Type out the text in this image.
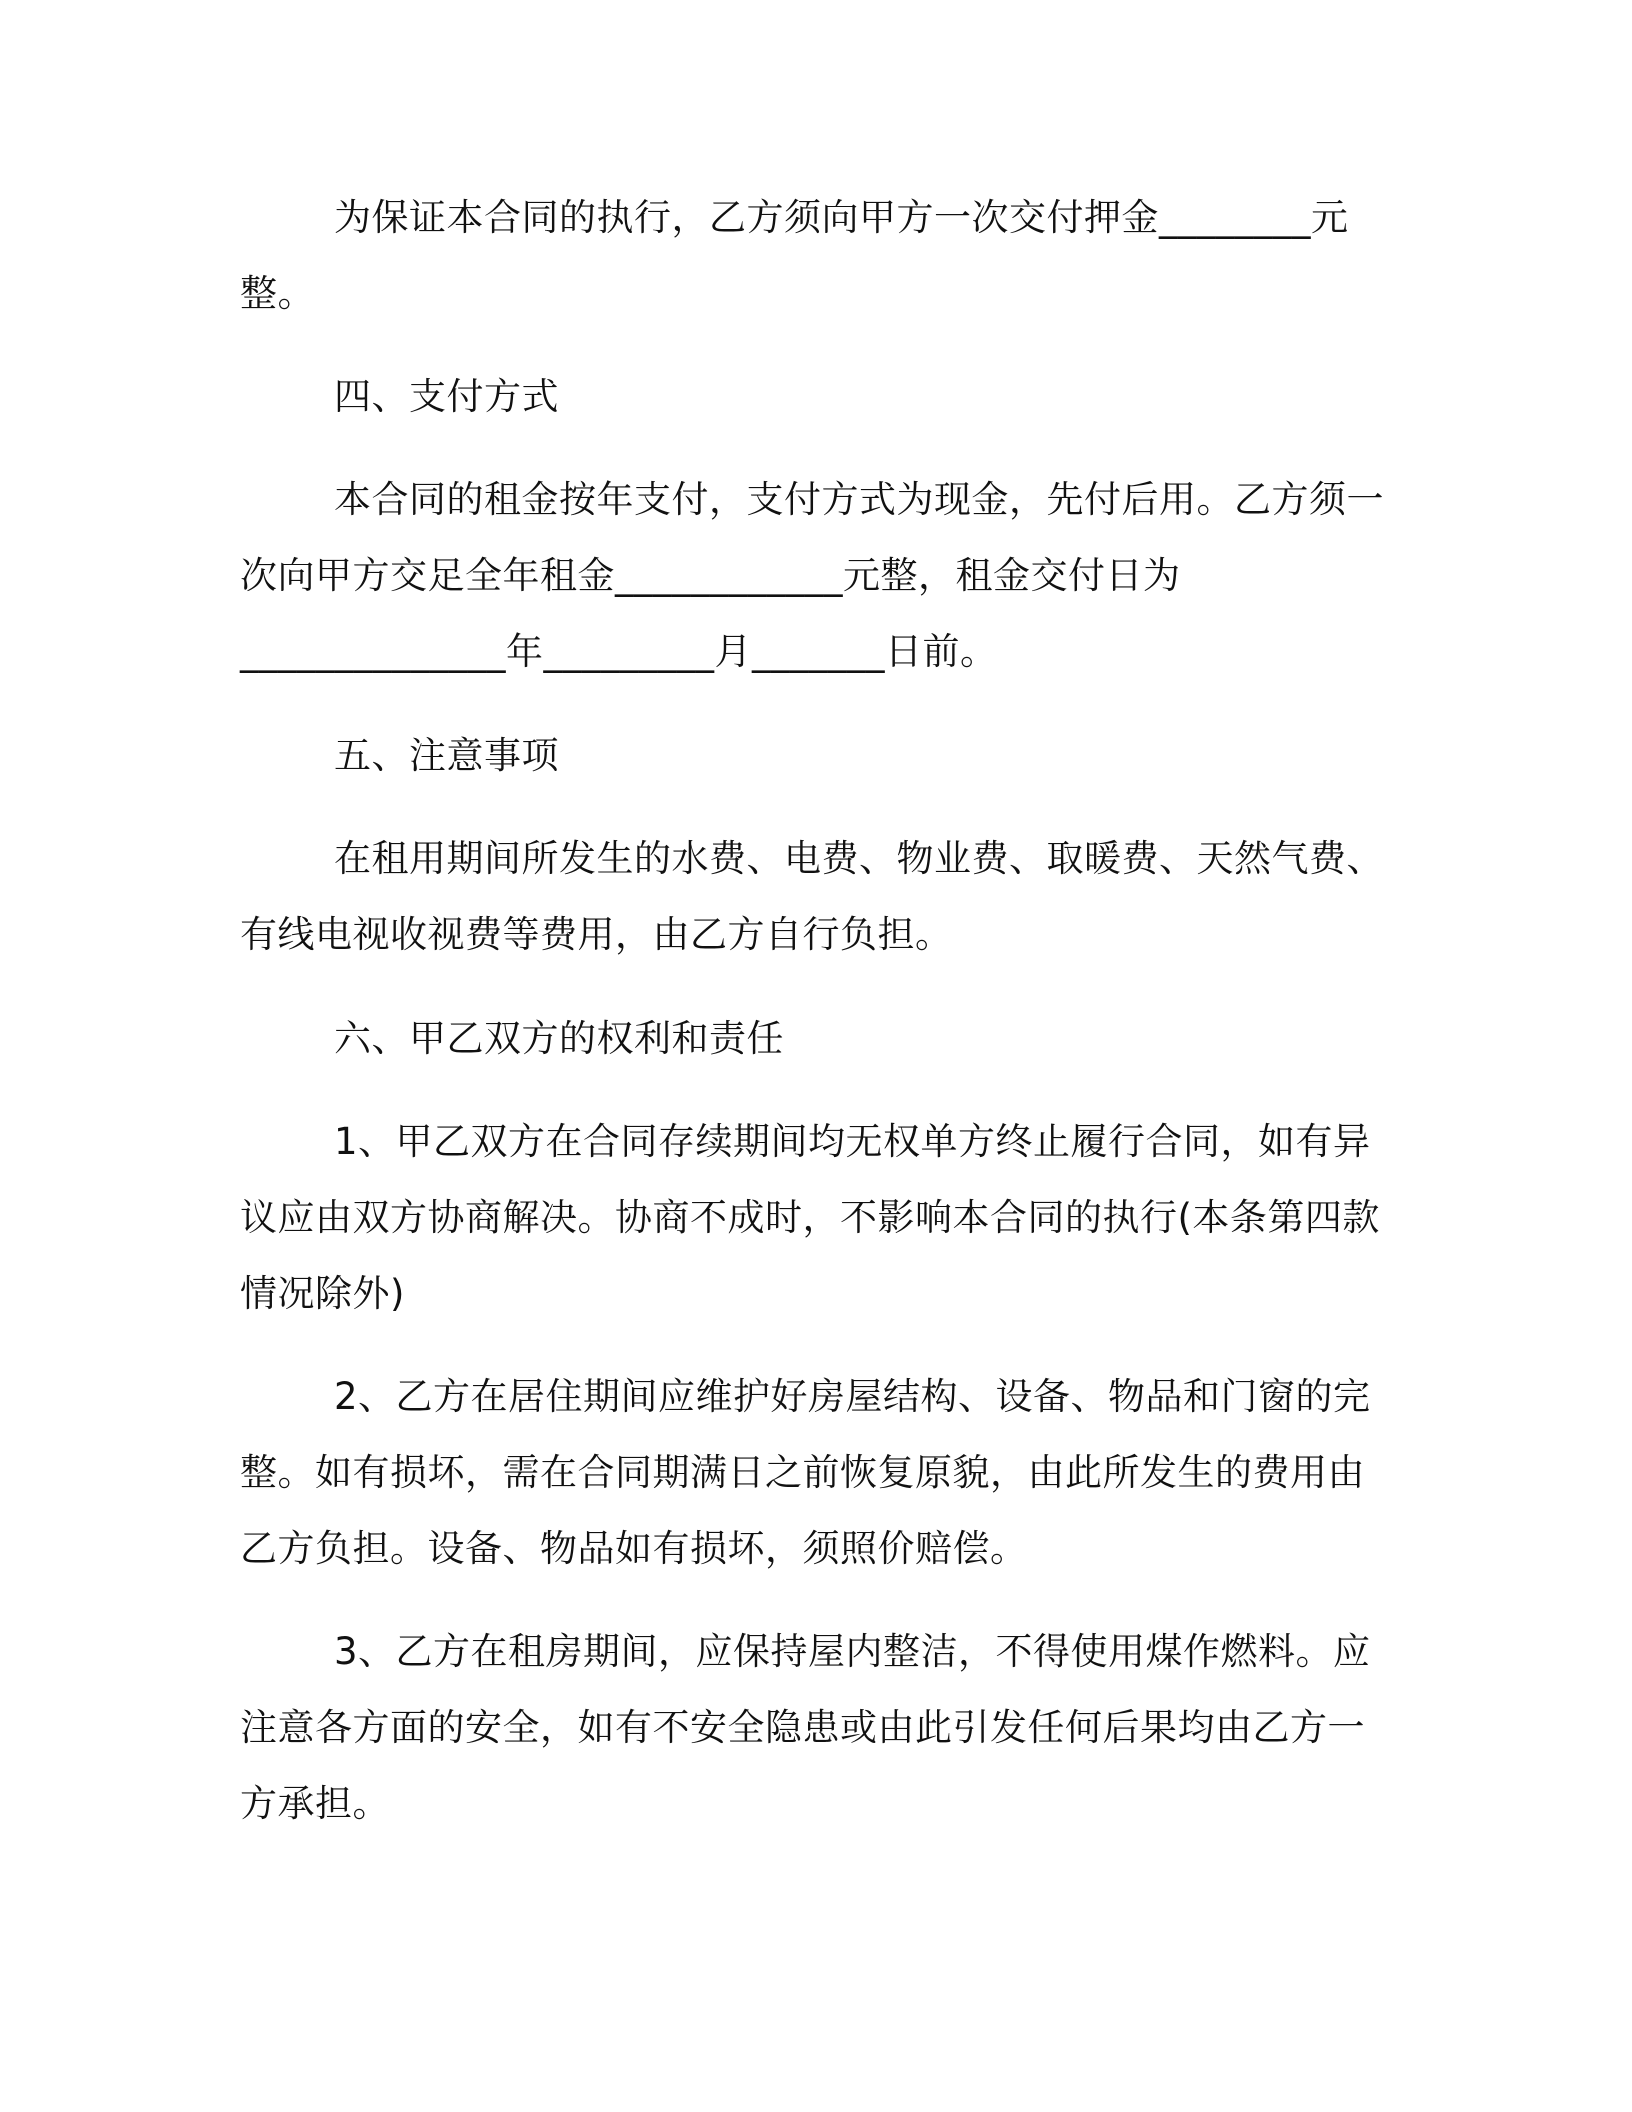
为保证本合同的执行，乙方须向甲方一次交付押金________元

整。

四、支付方式

本合同的租金按年支付，支付方式为现金，先付后用。乙方须一

次向甲方交足全年租金____________元整，租金交付日为

______________年_________月_______日前。

五、注意事项

在租用期间所发生的水费、电费、物业费、取暖费、天然气费、

有线电视收视费等费用，由乙方自行负担。

六、甲乙双方的权利和责任

1、甲乙双方在合同存续期间均无权单方终止履行合同，如有异

议应由双方协商解决。协商不成时，不影响本合同的执行(本条第四款

情况除外)

2、乙方在居住期间应维护好房屋结构、设备、物品和门窗的完

整。如有损坏，需在合同期满日之前恢复原貌，由此所发生的费用由

乙方负担。设备、物品如有损坏，须照价赔偿。

3、乙方在租房期间，应保持屋内整洁，不得使用煤作燃料。应

注意各方面的安全，如有不安全隐患或由此引发任何后果均由乙方一

方承担。
